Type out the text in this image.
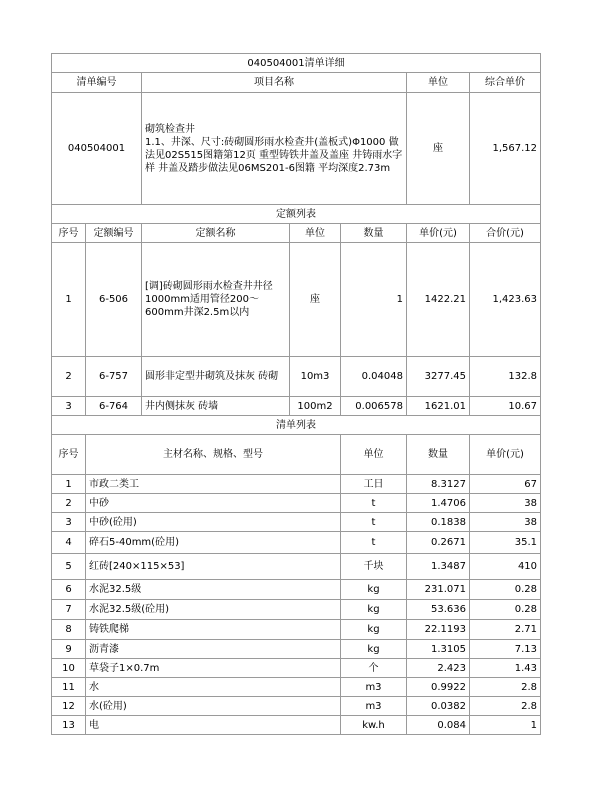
040504001清单详细							
清单编号		项目名称			单位	综合单价	
040504001		砌筑检查井
1.1、井深、尺寸:砖砌圆形雨水检查井(盖板式)Φ1000 做法见02S515图籍第12页 重型铸铁井盖及盖座 井铸雨水字样 井盖及踏步做法见06MS201-6图籍 平均深度2.73m			座	1,567.12	
定额列表							
序号	定额编号	定额名称	单位	数量	单价(元)	合价(元)	
1	6-506	[调]砖砌圆形雨水检查井井径1000mm适用管径200～600mm井深2.5m以内	座	1	1422.21	1,423.63	
2	6-757	圆形非定型井砌筑及抹灰 砖砌	10m3	0.04048	3277.45	132.8	
3	6-764	井内侧抹灰 砖墙	100m2	0.006578	1621.01	10.67	
清单列表							
序号	主材名称、规格、型号			单位	数量	单价(元)	
1	市政二类工			工日	8.3127	67	
2	中砂			t	1.4706	38	
3	中砂(砼用)			t	0.1838	38	
4	碎石5-40mm(砼用)			t	0.2671	35.1	
5	红砖[240×115×53]			千块	1.3487	410	
6	水泥32.5级			kg	231.071	0.28	
7	水泥32.5级(砼用)			kg	53.636	0.28	
8	铸铁爬梯			kg	22.1193	2.71	
9	沥青漆			kg	1.3105	7.13	
10	草袋子1×0.7m			个	2.423	1.43	
11	水			m3	0.9922	2.8	
12	水(砼用)			m3	0.0382	2.8	
13	电			kw.h	0.084	1	
